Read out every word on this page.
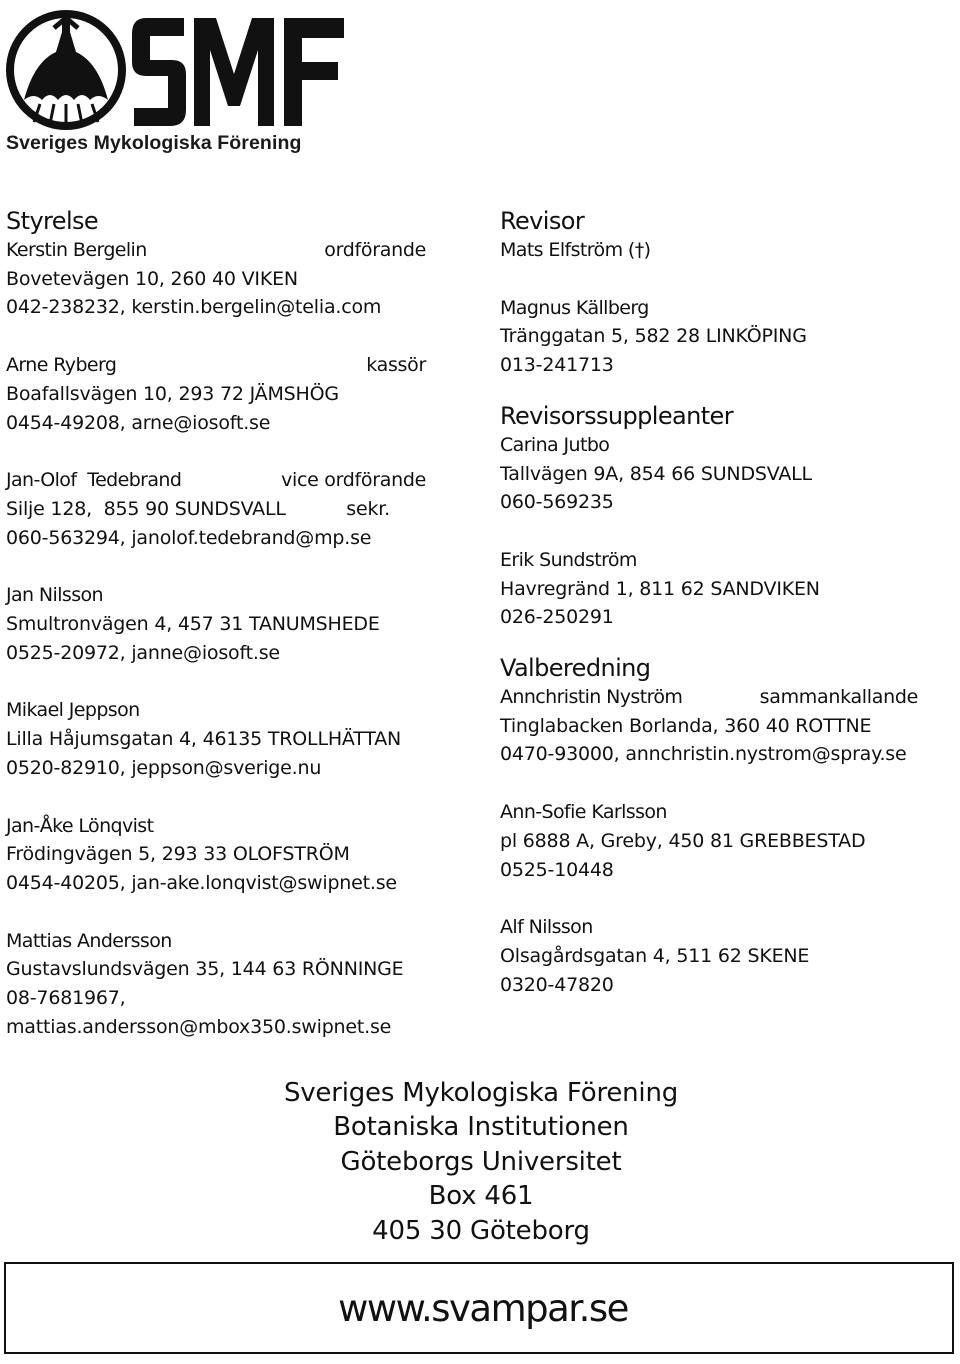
Sveriges Mykologiska Förening
Styrelse
Kerstin Bergelin	ordförande
Bovetevägen 10, 260 40 VIKEN
042-238232, kerstin.bergelin@telia.com
Arne Ryberg	kassör
Boafallsvägen 10, 293 72 JÄMSHÖG
0454-49208, arne@iosoft.se
Jan-Olof  Tedebrand	vice ordförande
Silje 128,  855 90 SUNDSVALL	sekr.
060-563294, janolof.tedebrand@mp.se
Jan Nilsson
Smultronvägen 4, 457 31 TANUMSHEDE
0525-20972, janne@iosoft.se
Mikael Jeppson
Lilla Håjumsgatan 4, 46135 TROLLHÄTTAN
0520-82910, jeppson@sverige.nu
Jan-Åke Lönqvist
Frödingvägen 5, 293 33 OLOFSTRÖM
0454-40205, jan-ake.lonqvist@swipnet.se
Mattias Andersson
Gustavslundsvägen 35, 144 63 RÖNNINGE
08-7681967,
mattias.andersson@mbox350.swipnet.se
Revisor
Mats Elfström (†)
Magnus Källberg
Tränggatan 5, 582 28 LINKÖPING
013-241713
Revisorssuppleanter
Carina Jutbo
Tallvägen 9A, 854 66 SUNDSVALL
060-569235
Erik Sundström
Havregränd 1, 811 62 SANDVIKEN
026-250291
Valberedning
Annchristin Nyström	sammankallande
Tinglabacken Borlanda, 360 40 ROTTNE
0470-93000, annchristin.nystrom@spray.se
Ann-Sofie Karlsson
pl 6888 A, Greby, 450 81 GREBBESTAD
0525-10448
Alf Nilsson
Olsagårdsgatan 4, 511 62 SKENE
0320-47820
Sveriges Mykologiska Förening
Botaniska Institutionen
Göteborgs Universitet
Box 461
405 30 Göteborg
www.svampar.se
